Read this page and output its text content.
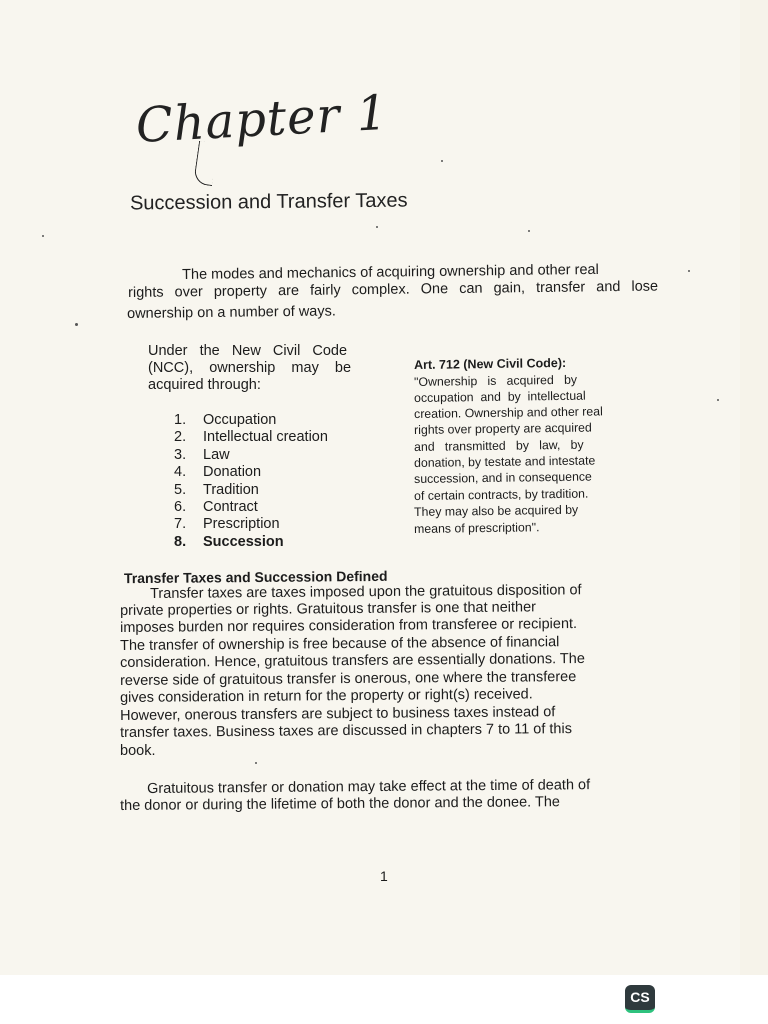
Chapter 1
Succession and Transfer Taxes
The modes and mechanics of acquiring ownership and other real
rights over property are fairly complex. One can gain, transfer and lose
ownership on a number of ways.
Under   the   New   Civil   Code
(NCC),    ownership    may    be
acquired through:
1. Occupation
2. Intellectual creation
3. Law
4. Donation
5. Tradition
6. Contract
7. Prescription
8. Succession
Art. 712 (New Civil Code):
"Ownership   is   acquired   by
occupation  and  by  intellectual
creation. Ownership and other real
rights over property are acquired
and   transmitted   by   law,   by
donation, by testate and intestate
succession, and in consequence
of certain contracts, by tradition.
They may also be acquired by
means of prescription".
Transfer Taxes and Succession Defined
Transfer taxes are taxes imposed upon the gratuitous disposition of
private properties or rights. Gratuitous transfer is one that neither
imposes burden nor requires consideration from transferee or recipient.
The transfer of ownership is free because of the absence of financial
consideration. Hence, gratuitous transfers are essentially donations. The
reverse side of gratuitous transfer is onerous, one where the transferee
gives consideration in return for the property or right(s) received.
However, onerous transfers are subject to business taxes instead of
transfer taxes. Business taxes are discussed in chapters 7 to 11 of this
book.
Gratuitous transfer or donation may take effect at the time of death of
the donor or during the lifetime of both the donor and the donee. The
1
CS
